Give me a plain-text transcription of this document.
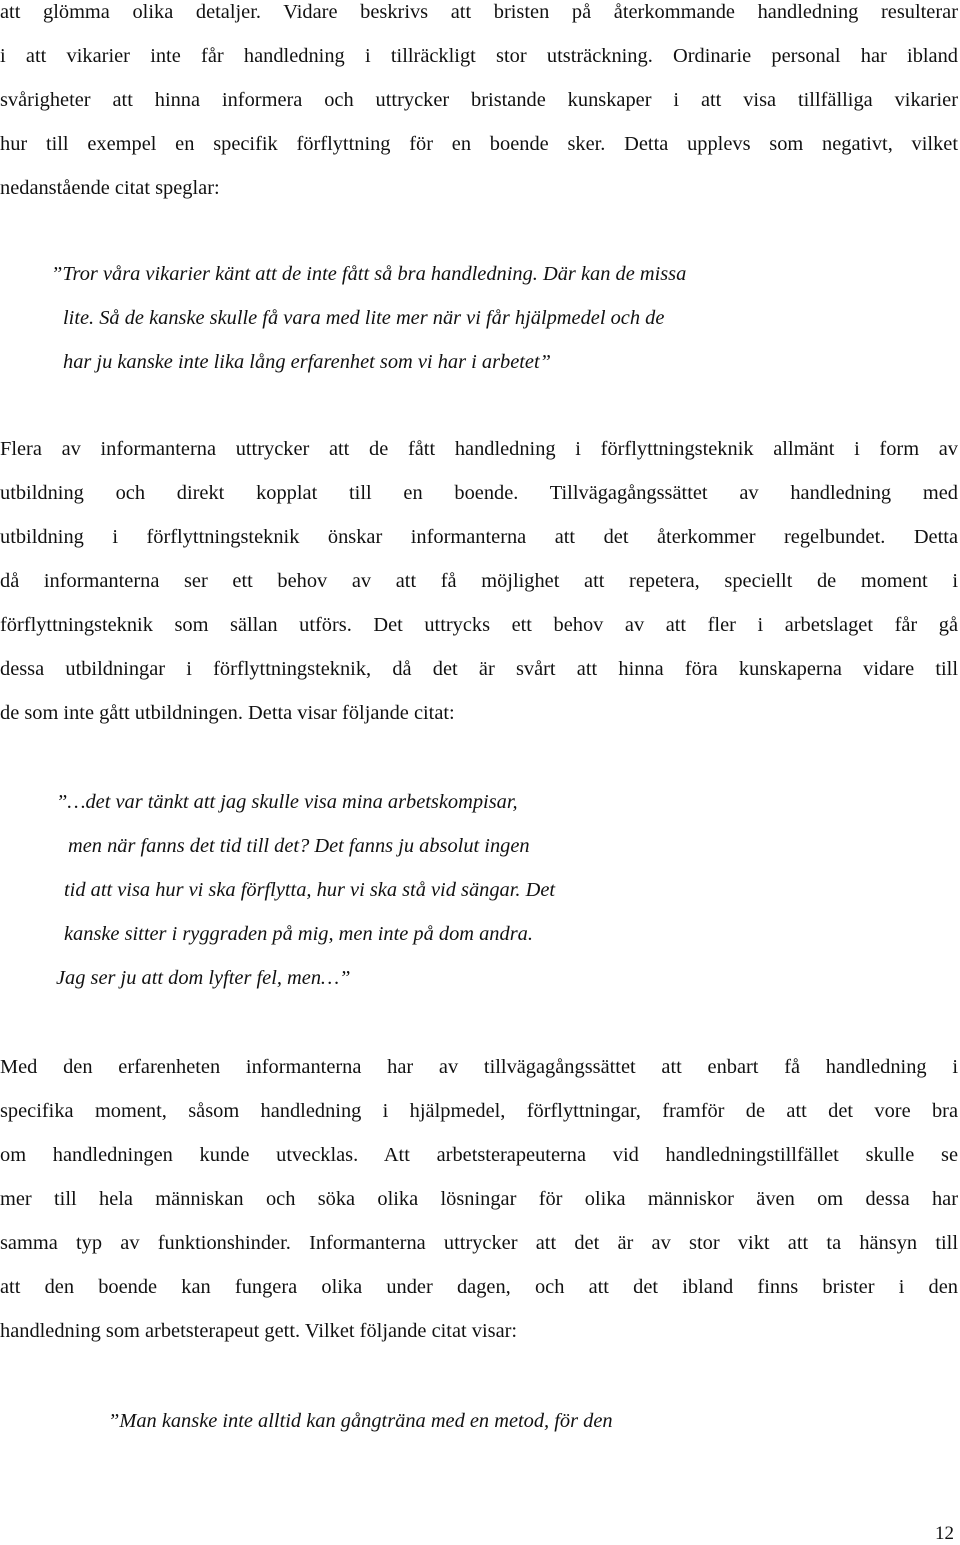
att glömma olika detaljer. Vidare beskrivs att bristen på återkommande handledning resulterar
i att vikarier inte får handledning i tillräckligt stor utsträckning. Ordinarie personal har ibland
svårigheter att hinna informera och uttrycker bristande kunskaper i att visa tillfälliga vikarier
hur till exempel en specifik förflyttning för en boende sker. Detta upplevs som negativt, vilket
nedanstående citat speglar:
”Tror våra vikarier känt att de inte fått så bra handledning. Där kan de missa
lite. Så de kanske skulle få vara med lite mer när vi får hjälpmedel och de
har ju kanske inte lika lång erfarenhet som vi har i arbetet”
Flera av informanterna uttrycker att de fått handledning i förflyttningsteknik allmänt i form av
utbildning och direkt kopplat till en boende. Tillvägagångssättet av handledning med
utbildning i förflyttningsteknik önskar informanterna att det återkommer regelbundet. Detta
då informanterna ser ett behov av att få möjlighet att repetera, speciellt de moment i
förflyttningsteknik som sällan utförs. Det uttrycks ett behov av att fler i arbetslaget får gå
dessa utbildningar i förflyttningsteknik, då det är svårt att hinna föra kunskaperna vidare till
de som inte gått utbildningen. Detta visar följande citat:
”…det var tänkt att jag skulle visa mina arbetskompisar,
men när fanns det tid till det? Det fanns ju absolut ingen
tid att visa hur vi ska förflytta, hur vi ska stå vid sängar. Det
kanske sitter i ryggraden på mig, men inte på dom andra.
Jag ser ju att dom lyfter fel, men…”
Med den erfarenheten informanterna har av tillvägagångssättet att enbart få handledning i
specifika moment, såsom handledning i hjälpmedel, förflyttningar, framför de att det vore bra
om handledningen kunde utvecklas. Att arbetsterapeuterna vid handledningstillfället skulle se
mer till hela människan och söka olika lösningar för olika människor även om dessa har
samma typ av funktionshinder. Informanterna uttrycker att det är av stor vikt att ta hänsyn till
att den boende kan fungera olika under dagen, och att det ibland finns brister i den
handledning som arbetsterapeut gett. Vilket följande citat visar:
”Man kanske inte alltid kan gångträna med en metod, för den
12
